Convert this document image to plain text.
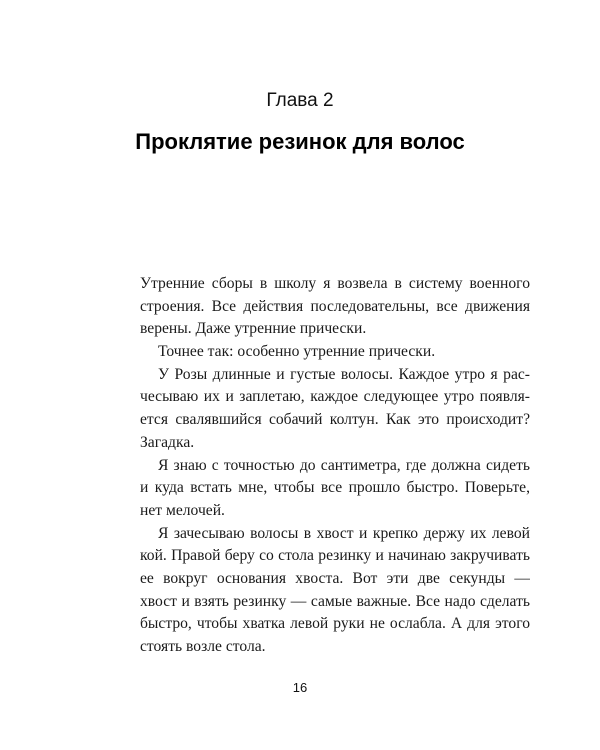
Глава 2
Проклятие резинок для волос
Утренние сборы в школу я возвела в систему военного
строения. Все действия последовательны, все движения
верены. Даже утренние прически.
Точнее так: особенно утренние прически.
У Розы длинные и густые волосы. Каждое утро я рас-
чесываю их и заплетаю, каждое следующее утро появля-
ется свалявшийся собачий колтун. Как это происходит?
Загадка.
Я знаю с точностью до сантиметра, где должна сидеть
и куда встать мне, чтобы все прошло быстро. Поверьте,
нет мелочей.
Я зачесываю волосы в хвост и крепко держу их левой
кой. Правой беру со стола резинку и начинаю закручивать
ее вокруг основания хвоста. Вот эти две секунды —
хвост и взять резинку — самые важные. Все надо сделать
быстро, чтобы хватка левой руки не ослабла. А для этого
стоять возле стола.
16
